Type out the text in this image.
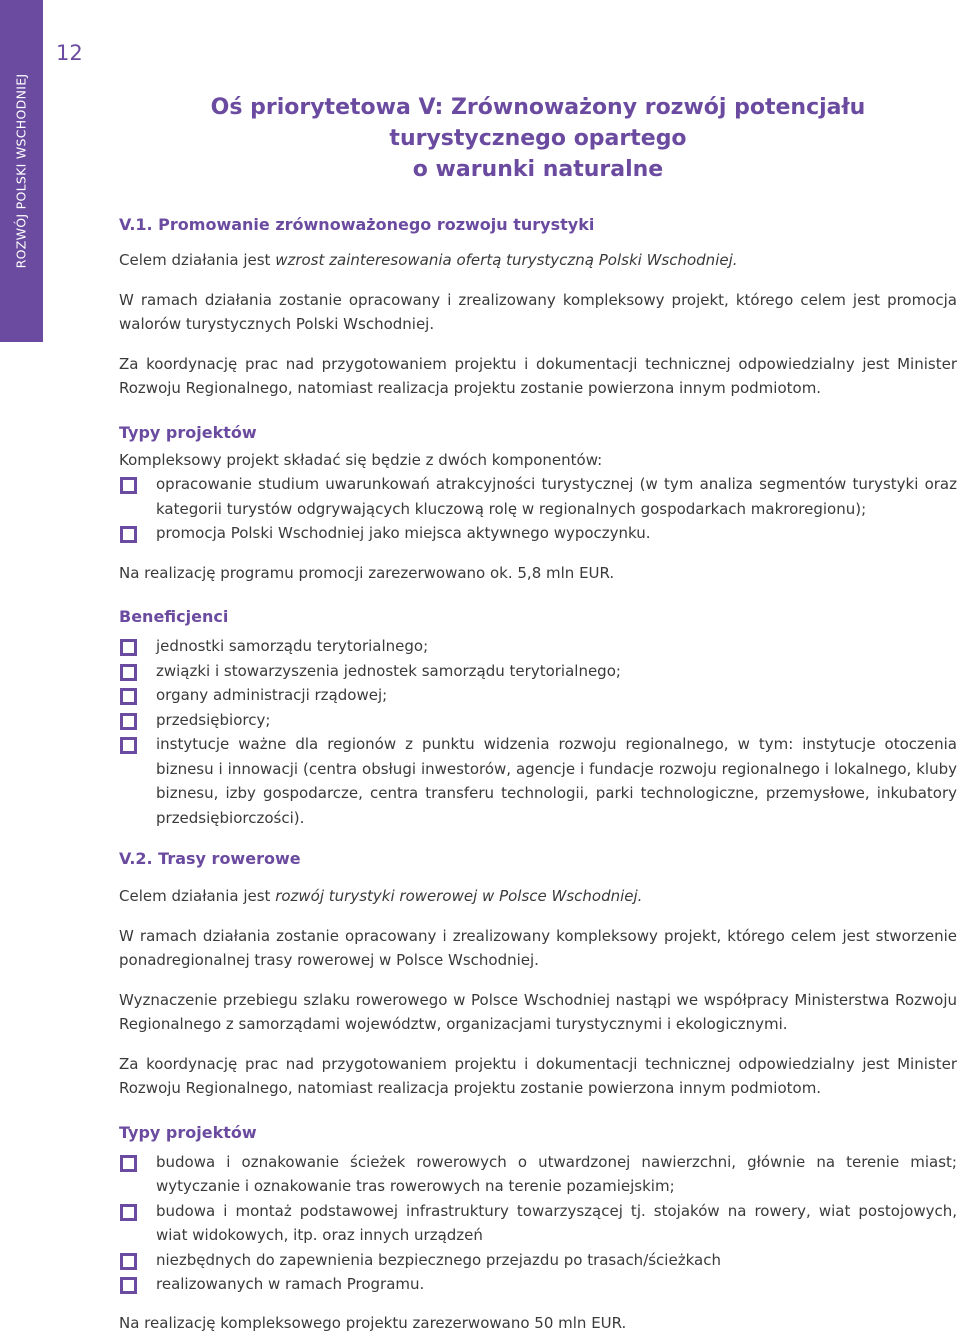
ROZWÓJ POLSKI WSCHODNIEJ
12
Oś priorytetowa V: Zrównoważony rozwój potencjału turystycznego opartego
o warunki naturalne
V.1. Promowanie zrównoważonego rozwoju turystyki

Celem działania jest wzrost zainteresowania ofertą turystyczną Polski Wschodniej.

W ramach działania zostanie opracowany i zrealizowany kompleksowy projekt, którego celem jest promocja walorów turystycznych Polski Wschodniej.

Za koordynację prac nad przygotowaniem projektu i dokumentacji technicznej odpowiedzialny jest Minister Rozwoju Regionalnego, natomiast realizacja projektu zostanie powierzona innym podmiotom.

Typy projektów

Kompleksowy projekt składać się będzie z dwóch komponentów:

opracowanie studium uwarunkowań atrakcyjności turystycznej (w tym analiza segmentów turystyki oraz kategorii turystów odgrywających kluczową rolę w regionalnych gospodarkach makroregionu);
promocja Polski Wschodniej jako miejsca aktywnego wypoczynku.

Na realizację programu promocji zarezerwowano ok. 5,8 mln EUR.

Beneficjenci
jednostki samorządu terytorialnego;
związki i stowarzyszenia jednostek samorządu terytorialnego;
organy administracji rządowej;
przedsiębiorcy;
instytucje ważne dla regionów z punktu widzenia rozwoju regionalnego, w tym: instytucje otoczenia biznesu i innowacji (centra obsługi inwestorów, agencje i fundacje rozwoju regionalnego i lokalnego, kluby biznesu, izby gospodarcze, centra transferu technologii, parki technologiczne, przemysłowe, inkubatory przedsiębiorczości).
V.2. Trasy rowerowe

Celem działania jest rozwój turystyki rowerowej w Polsce Wschodniej.

W ramach działania zostanie opracowany i zrealizowany kompleksowy projekt, którego celem jest stworzenie ponadregionalnej trasy rowerowej w Polsce Wschodniej.

Wyznaczenie przebiegu szlaku rowerowego w Polsce Wschodniej nastąpi we współpracy Ministerstwa Rozwoju Regionalnego z samorządami województw, organizacjami turystycznymi i ekologicznymi.

Za koordynację prac nad przygotowaniem projektu i dokumentacji technicznej odpowiedzialny jest Minister Rozwoju Regionalnego, natomiast realizacja projektu zostanie powierzona innym podmiotom.

Typy projektów
budowa i oznakowanie ścieżek rowerowych o utwardzonej nawierzchni, głównie na terenie miast; wytyczanie i oznakowanie tras rowerowych na terenie pozamiejskim;
budowa i montaż podstawowej infrastruktury towarzyszącej tj. stojaków na rowery, wiat postojowych, wiat widokowych, itp. oraz innych urządzeń
niezbędnych do zapewnienia bezpiecznego przejazdu po trasach/ścieżkach
realizowanych w ramach Programu.

Na realizację kompleksowego projektu zarezerwowano 50 mln EUR.
